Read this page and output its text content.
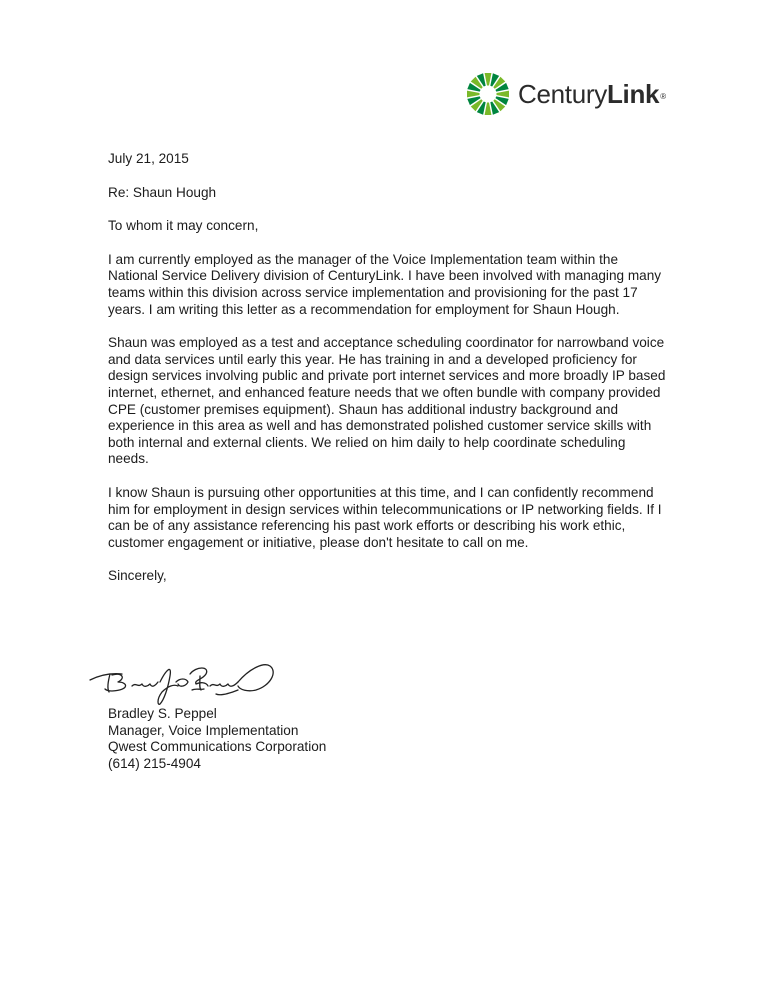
CenturyLink®

July 21, 2015

Re: Shaun Hough

To whom it may concern,

I am currently employed as the manager of the Voice Implementation team within the National Service Delivery division of CenturyLink. I have been involved with managing many teams within this division across service implementation and provisioning for the past 17 years. I am writing this letter as a recommendation for employment for Shaun Hough.

Shaun was employed as a test and acceptance scheduling coordinator for narrowband voice and data services until early this year. He has training in and a developed proficiency for design services involving public and private port internet services and more broadly IP based internet, ethernet, and enhanced feature needs that we often bundle with company provided CPE (customer premises equipment). Shaun has additional industry background and experience in this area as well and has demonstrated polished customer service skills with both internal and external clients. We relied on him daily to help coordinate scheduling needs.

I know Shaun is pursuing other opportunities at this time, and I can confidently recommend him for employment in design services within telecommunications or IP networking fields. If I can be of any assistance referencing his past work efforts or describing his work ethic, customer engagement or initiative, please don't hesitate to call on me.

Sincerely,

Bradley S. Peppel
Manager, Voice Implementation
Qwest Communications Corporation
(614) 215-4904
